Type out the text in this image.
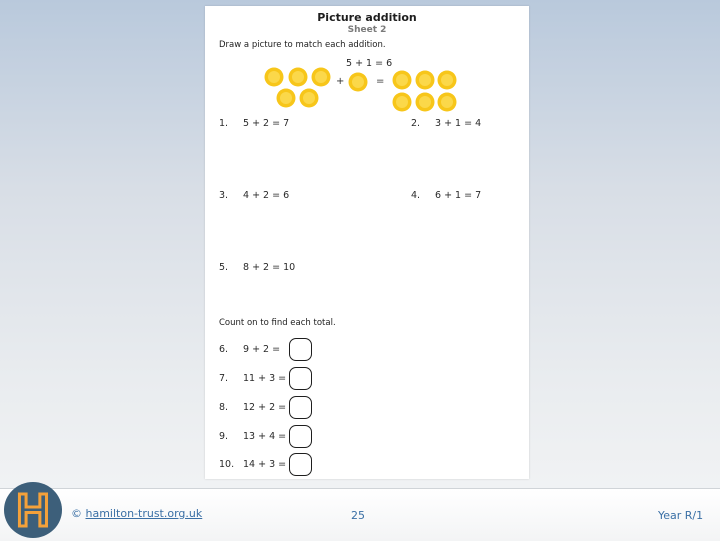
Picture addition
Sheet 2
Draw a picture to match each addition.
5 + 1 = 6
+	=
1. 5 + 2 = 7	2. 3 + 1 = 4
3. 4 + 2 = 6	4. 6 + 1 = 7
5. 8 + 2 = 10
Count on to find each total.
6. 9 + 2 =
7. 11 + 3 =
8. 12 + 2 =
9. 13 + 4 =
10. 14 + 3 =
H © hamilton-trust.org.uk	25	Year R/1
